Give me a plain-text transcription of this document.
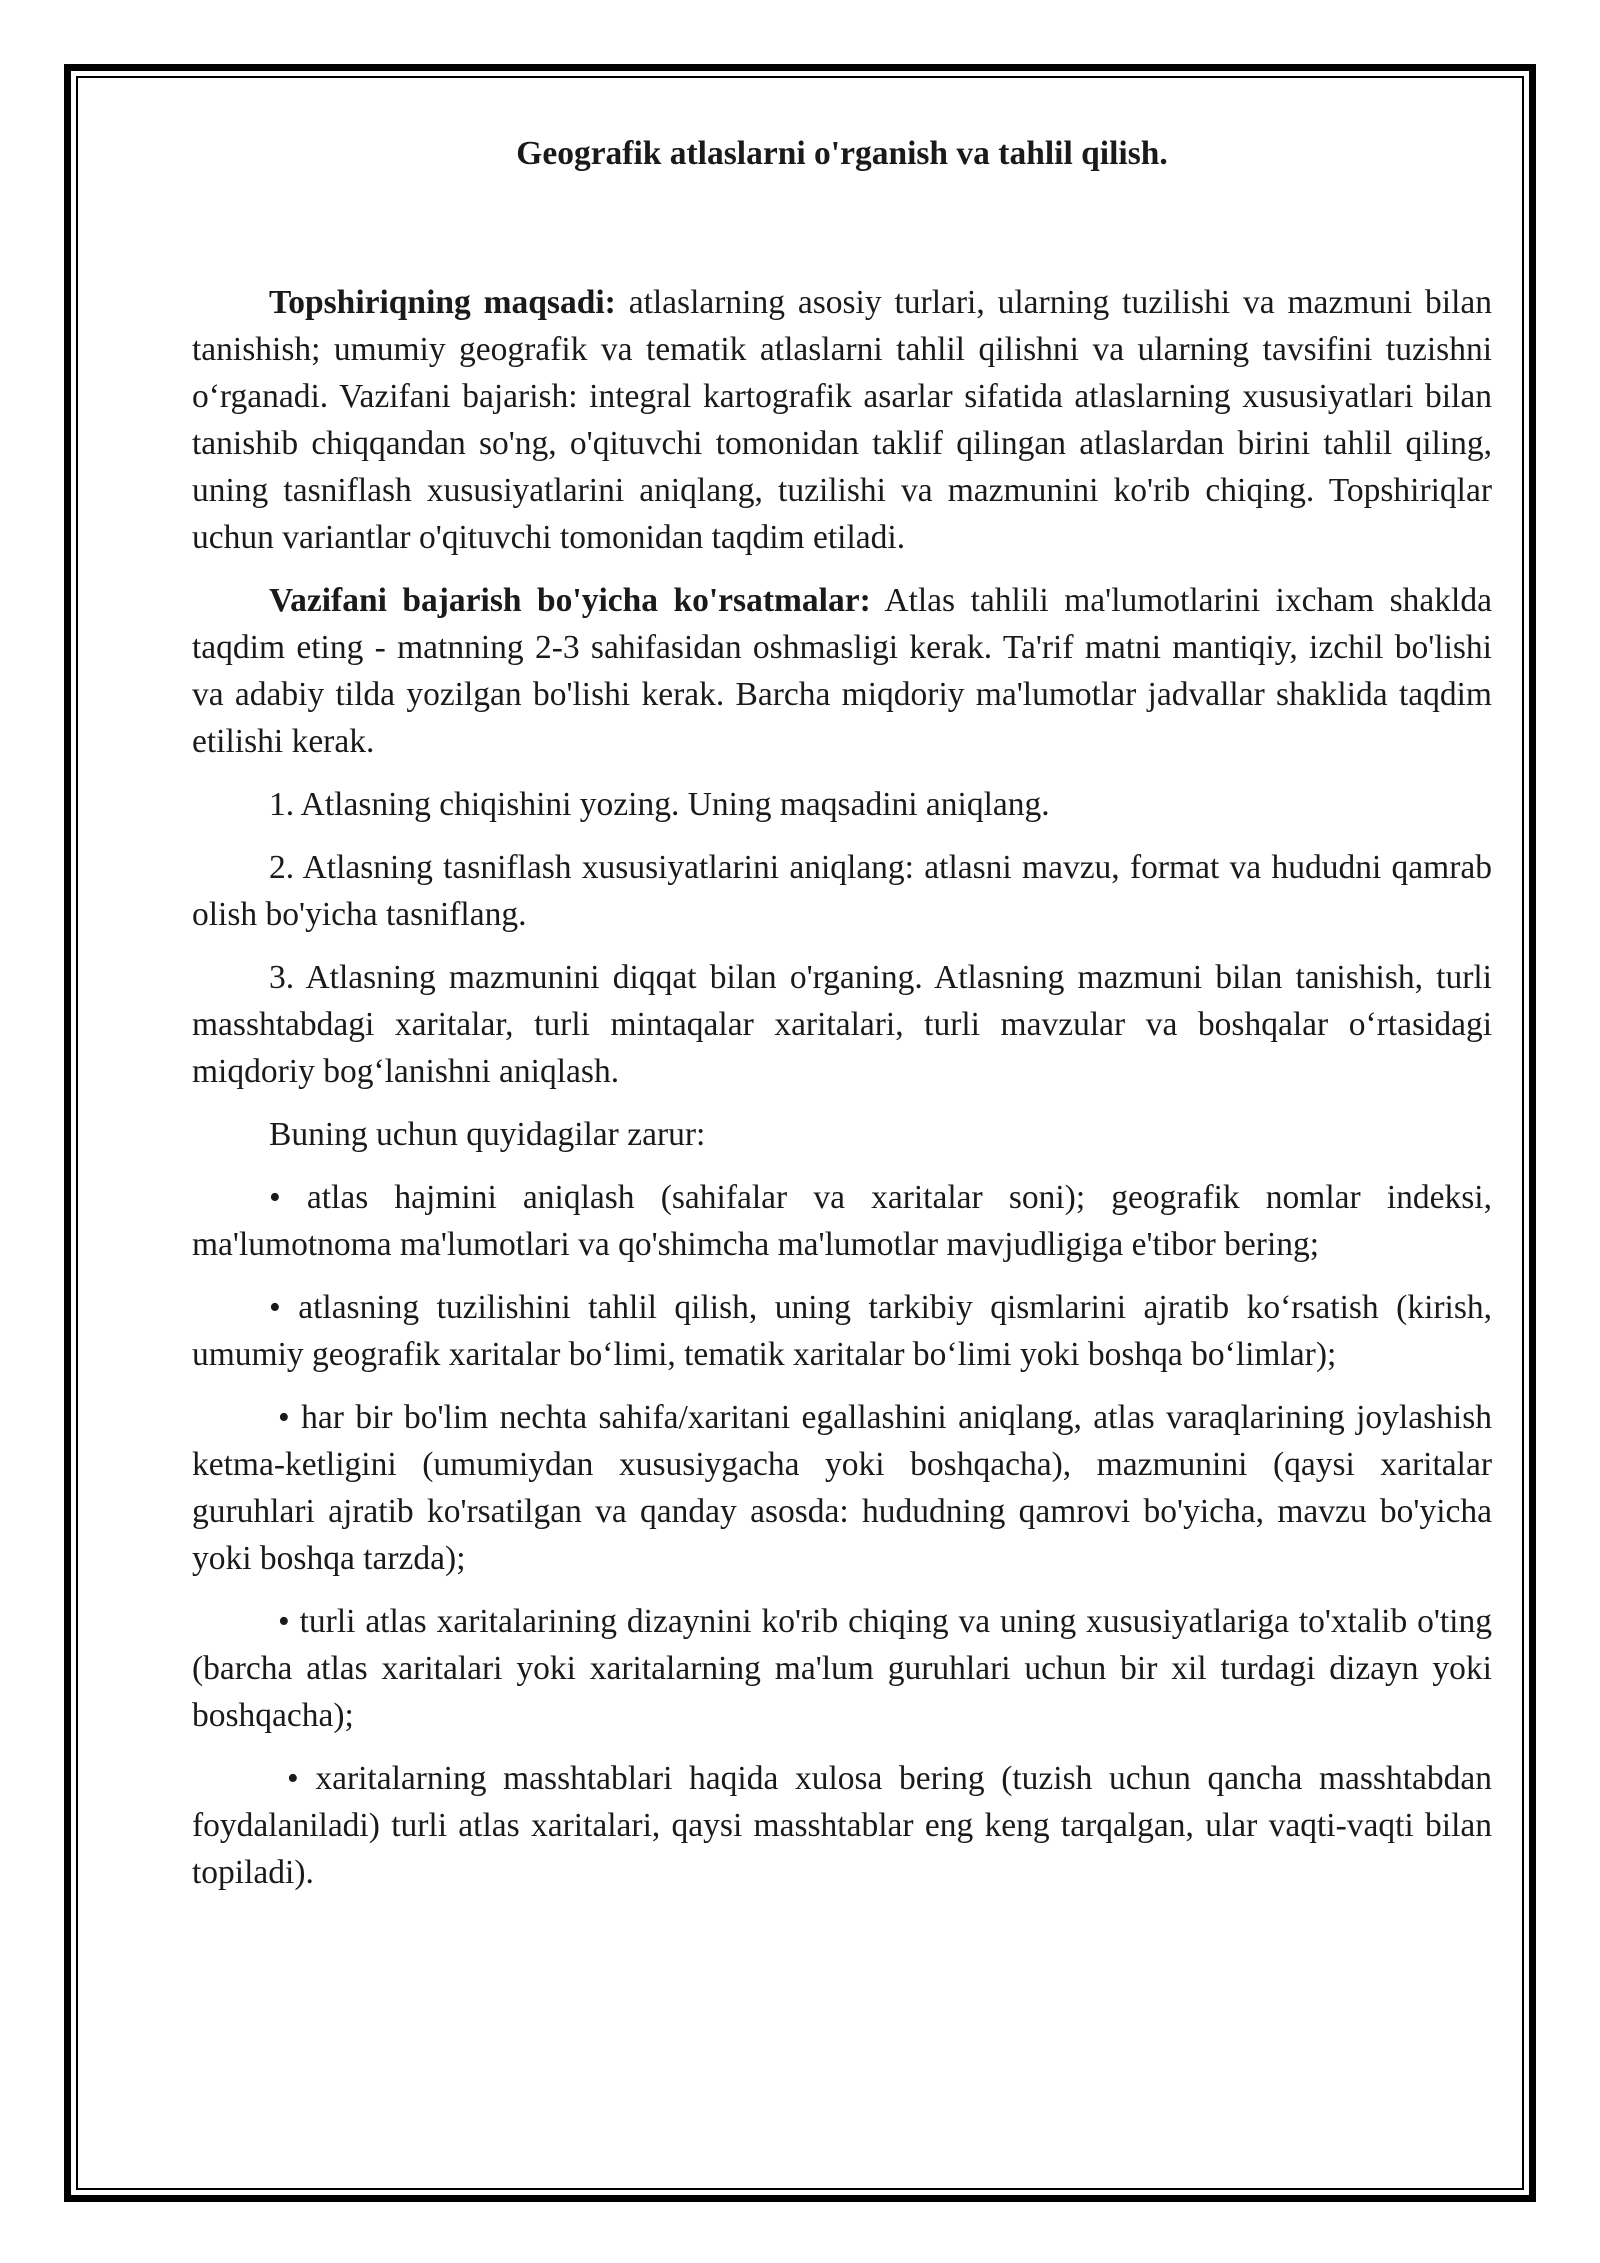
Geografik atlaslarni o'rganish va tahlil qilish.

Topshiriqning maqsadi: atlaslarning asosiy turlari, ularning tuzilishi va mazmuni bilan tanishish; umumiy geografik va tematik atlaslarni tahlil qilishni va ularning tavsifini tuzishni o‘rganadi. Vazifani bajarish: integral kartografik asarlar sifatida atlaslarning xususiyatlari bilan tanishib chiqqandan so'ng, o'qituvchi tomonidan taklif qilingan atlaslardan birini tahlil qiling, uning tasniflash xususiyatlarini aniqlang, tuzilishi va mazmunini ko'rib chiqing. Topshiriqlar uchun variantlar o'qituvchi tomonidan taqdim etiladi.

Vazifani bajarish bo'yicha ko'rsatmalar: Atlas tahlili ma'lumotlarini ixcham shaklda taqdim eting - matnning 2-3 sahifasidan oshmasligi kerak. Ta'rif matni mantiqiy, izchil bo'lishi va adabiy tilda yozilgan bo'lishi kerak. Barcha miqdoriy ma'lumotlar jadvallar shaklida taqdim etilishi kerak.

1. Atlasning chiqishini yozing. Uning maqsadini aniqlang.

2. Atlasning tasniflash xususiyatlarini aniqlang: atlasni mavzu, format va hududni qamrab olish bo'yicha tasniflang.

3. Atlasning mazmunini diqqat bilan o'rganing. Atlasning mazmuni bilan tanishish, turli masshtabdagi xaritalar, turli mintaqalar xaritalari, turli mavzular va boshqalar o‘rtasidagi miqdoriy bog‘lanishni aniqlash.

Buning uchun quyidagilar zarur:

• atlas hajmini aniqlash (sahifalar va xaritalar soni); geografik nomlar indeksi, ma'lumotnoma ma'lumotlari va qo'shimcha ma'lumotlar mavjudligiga e'tibor bering;

• atlasning tuzilishini tahlil qilish, uning tarkibiy qismlarini ajratib ko‘rsatish (kirish, umumiy geografik xaritalar bo‘limi, tematik xaritalar bo‘limi yoki boshqa bo‘limlar);

• har bir bo'lim nechta sahifa/xaritani egallashini aniqlang, atlas varaqlarining joylashish ketma-ketligini (umumiydan xususiygacha yoki boshqacha), mazmunini (qaysi xaritalar guruhlari ajratib ko'rsatilgan va qanday asosda: hududning qamrovi bo'yicha, mavzu bo'yicha yoki boshqa tarzda);

• turli atlas xaritalarining dizaynini ko'rib chiqing va uning xususiyatlariga to'xtalib o'ting (barcha atlas xaritalari yoki xaritalarning ma'lum guruhlari uchun bir xil turdagi dizayn yoki boshqacha);

• xaritalarning masshtablari haqida xulosa bering (tuzish uchun qancha masshtabdan foydalaniladi) turli atlas xaritalari, qaysi masshtablar eng keng tarqalgan, ular vaqti-vaqti bilan topiladi).
